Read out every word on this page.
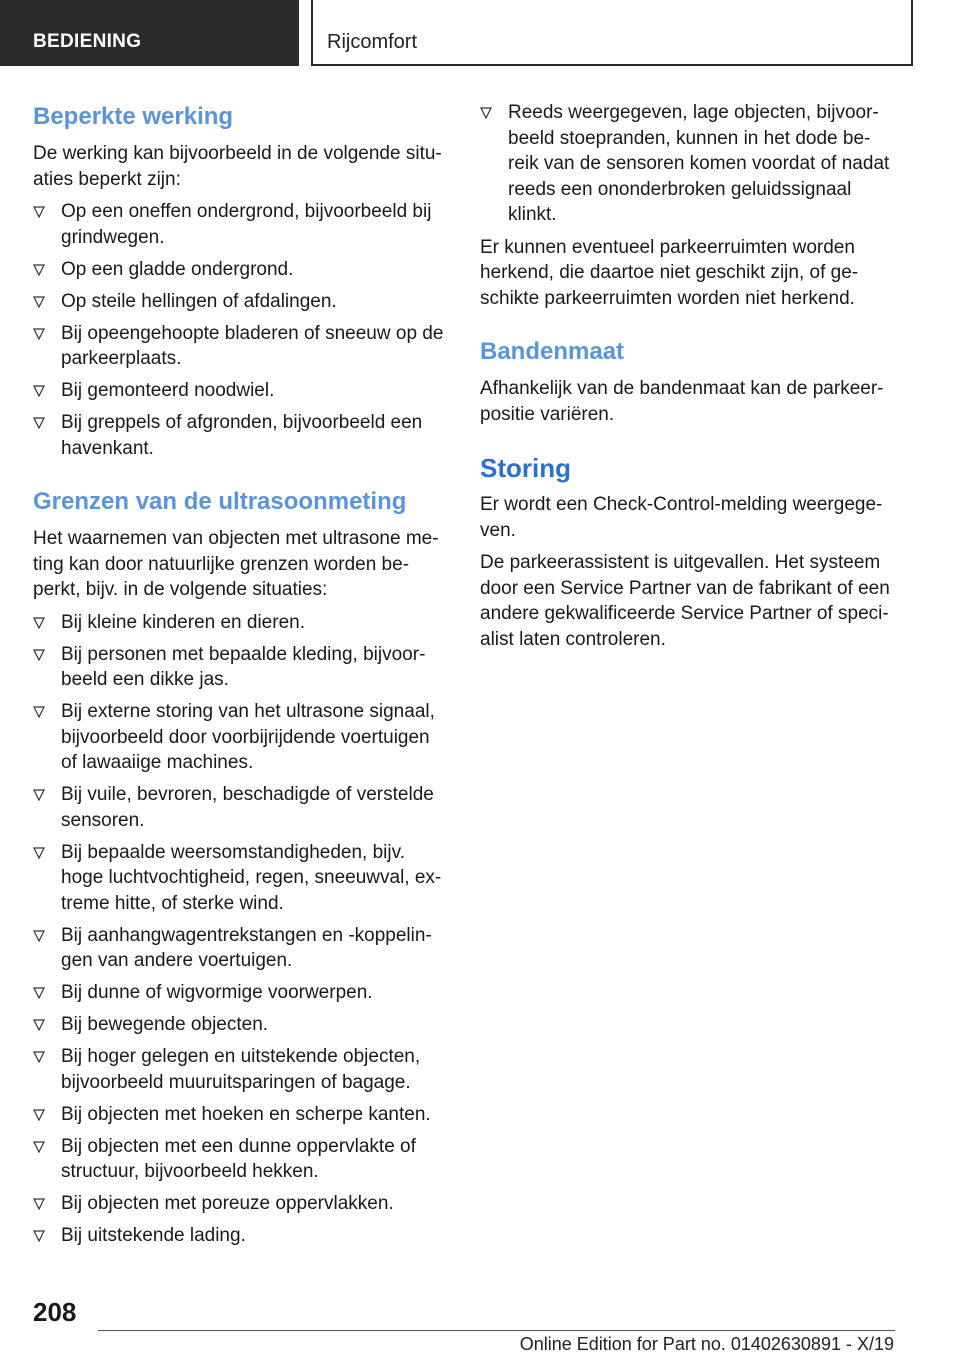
BEDIENING	Rijcomfort
Beperkte werking

De werking kan bijvoorbeeld in de volgende situaties beperkt zijn:

Op een oneffen ondergrond, bijvoorbeeld bij grindwegen.
Op een gladde ondergrond.
Op steile hellingen of afdalingen.
Bij opeengehoopte bladeren of sneeuw op de parkeerplaats.
Bij gemonteerd noodwiel.
Bij greppels of afgronden, bijvoorbeeld een havenkant.
Grenzen van de ultrasoonmeting

Het waarnemen van objecten met ultrasone meting kan door natuurlijke grenzen worden beperkt, bijv. in de volgende situaties:

Bij kleine kinderen en dieren.
Bij personen met bepaalde kleding, bijvoorbeeld een dikke jas.
Bij externe storing van het ultrasone signaal, bijvoorbeeld door voorbijrijdende voertuigen of lawaaiige machines.
Bij vuile, bevroren, beschadigde of verstelde sensoren.
Bij bepaalde weersomstandigheden, bijv. hoge luchtvochtigheid, regen, sneeuwval, extreme hitte, of sterke wind.
Bij aanhangwagentrekstangen en -koppelingen van andere voertuigen.
Bij dunne of wigvormige voorwerpen.
Bij bewegende objecten.
Bij hoger gelegen en uitstekende objecten, bijvoorbeeld muuruitsparingen of bagage.
Bij objecten met hoeken en scherpe kanten.
Bij objecten met een dunne oppervlakte of structuur, bijvoorbeeld hekken.
Bij objecten met poreuze oppervlakken.
Bij uitstekende lading.
Reeds weergegeven, lage objecten, bijvoorbeeld stoepranden, kunnen in het dode bereik van de sensoren komen voordat of nadat reeds een ononderbroken geluidssignaal klinkt.

Er kunnen eventueel parkeerruimten worden herkend, die daartoe niet geschikt zijn, of geschikte parkeerruimten worden niet herkend.

Bandenmaat

Afhankelijk van de bandenmaat kan de parkeerpositie variëren.

Storing

Er wordt een Check-Control-melding weergegeven.

De parkeerassistent is uitgevallen. Het systeem door een Service Partner van de fabrikant of een andere gekwalificeerde Service Partner of specialist laten controleren.

208
Online Edition for Part no. 01402630891 - X/19
